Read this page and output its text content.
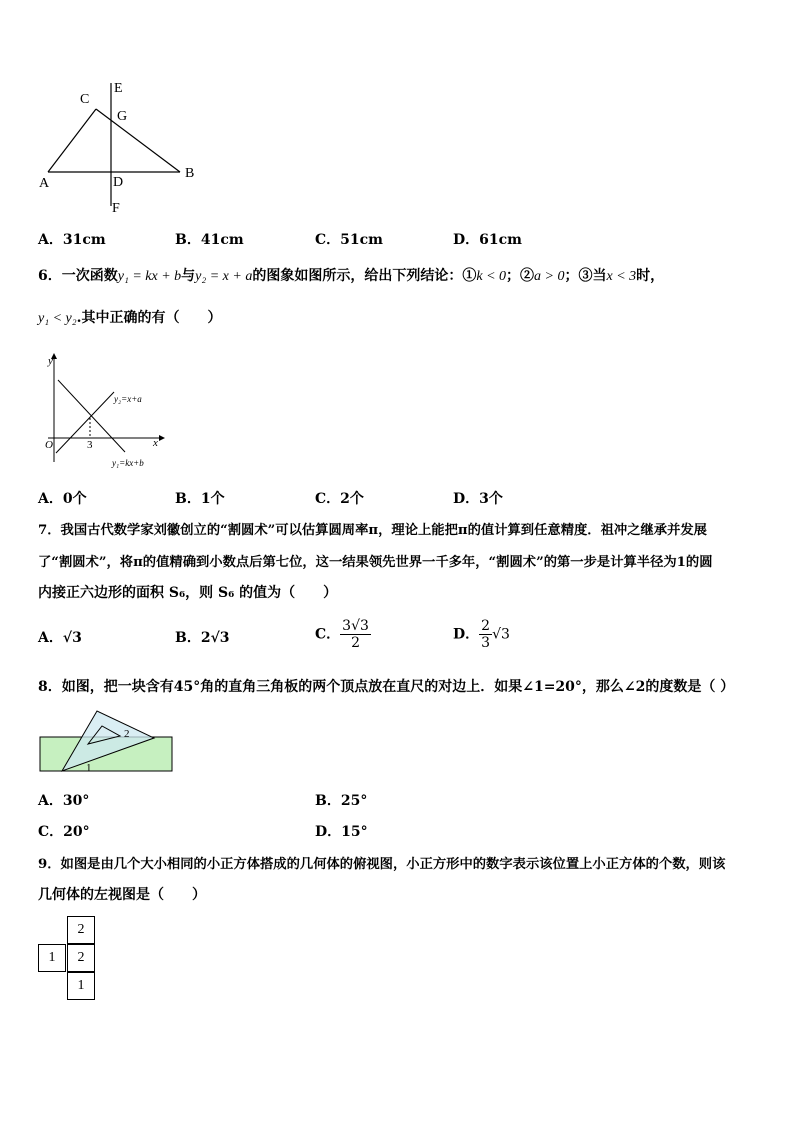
C
E
G
A	D
B
F
A．31cm	B．41cm	C．51cm	D．61cm
6．一次函数y₁ = kx + b与y₂ = x + a的图象如图所示，给出下列结论：①k < 0；②a > 0；③当x < 3时，
y₁ < y₂.其中正确的有（　　）
y
x
O	3
y₁=kx+b
y₂=x+a
A．0个	B．1个	C．2个	D．3个
7．我国古代数学家刘徽创立的“割圆术”可以估算圆周率π，理论上能把π的值计算到任意精度．祖冲之继承并发展
了“割圆术”，将π的值精确到小数点后第七位，这一结果领先世界一千多年，“割圆术”的第一步是计算半径为1的圆
内接正六边形的面积 S₆，则 S₆ 的值为（　　）
A．√3	B．2√3	C． $\frac{3√3}{2}$	D． $\frac{2}{3} √3$
8．如图，把一块含有45°角的直角三角板的两个顶点放在直尺的对边上．如果∠1=20°，那么∠2的度数是（ ）
1
2
A．30°	B．25°
C．20°	D．15°
9．如图是由几个大小相同的小正方体搭成的几何体的俯视图，小正方形中的数字表示该位置上小正方体的个数，则该
几何体的左视图是（　　）
2
1	2
1
